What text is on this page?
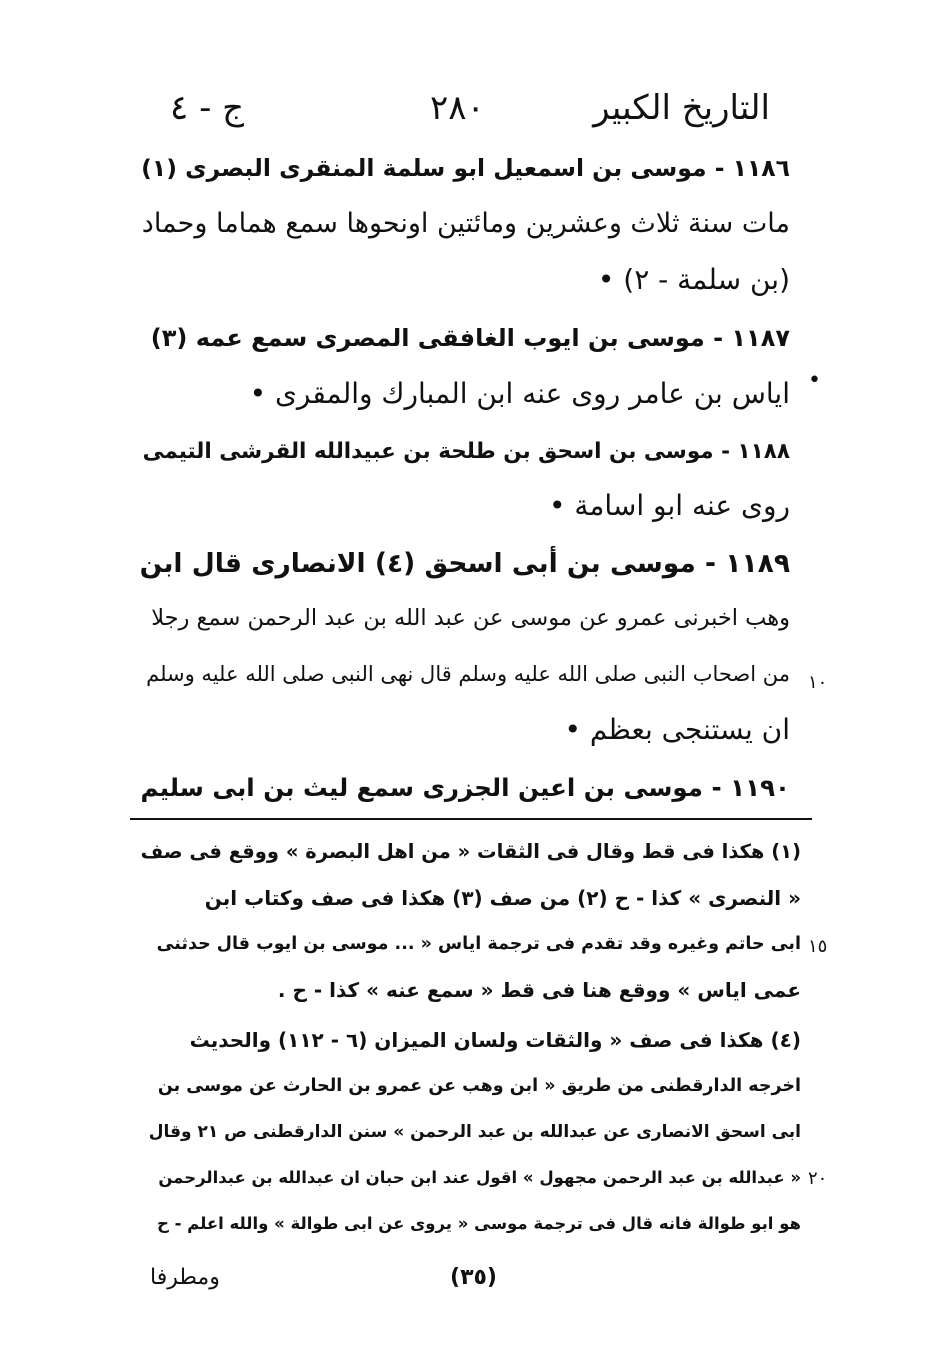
التاريخ الكبير
٢٨٠
ج - ٤
١١٨٦ - موسى بن اسمعيل ابو سلمة المنقرى البصرى (١)
مات سنة ثلاث وعشرين ومائتين اونحوها سمع هماما وحماد
(بن سلمة - ٢) •
١١٨٧ - موسى بن ايوب الغافقى المصرى سمع عمه (٣)
اياس بن عامر روى عنه ابن المبارك والمقرى •
١١٨٨ - موسى بن اسحق بن طلحة بن عبيدالله القرشى التيمى
روى عنه ابو اسامة •
١١٨٩ - موسى بن أبى اسحق (٤) الانصارى قال ابن
وهب اخبرنى عمرو عن موسى عن عبد الله بن عبد الرحمن سمع رجلا
من اصحاب النبى صلى الله عليه وسلم قال نهى النبى صلى الله عليه وسلم
ان يستنجى بعظم •
١١٩٠ - موسى بن اعين الجزرى سمع ليث بن ابى سليم
•
١٠
١٥
٢٠
(١) هكذا فى قط وقال فى الثقات « من اهل البصرة » ووقع فى صف
« النصرى » كذا - ح (٢) من صف (٣) هكذا فى صف وكتاب ابن
ابى حاتم وغيره وقد تقدم فى ترجمة اياس « ... موسى بن ايوب قال حدثنى
عمى اياس » ووقع هنا فى قط « سمع عنه » كذا - ح .
(٤) هكذا فى صف « والثقات ولسان الميزان (٦ - ١١٢) والحديث
اخرجه الدارقطنى من طريق « ابن وهب عن عمرو بن الحارث عن موسى بن
ابى اسحق الانصارى عن عبدالله بن عبد الرحمن » سنن الدارقطنى ص ٢١ وقال
« عبدالله بن عبد الرحمن مجهول » اقول عند ابن حبان ان عبدالله بن عبدالرحمن
هو ابو طوالة فانه قال فى ترجمة موسى « يروى عن ابى طوالة » والله اعلم - ح
(٣٥)
ومطرفا
